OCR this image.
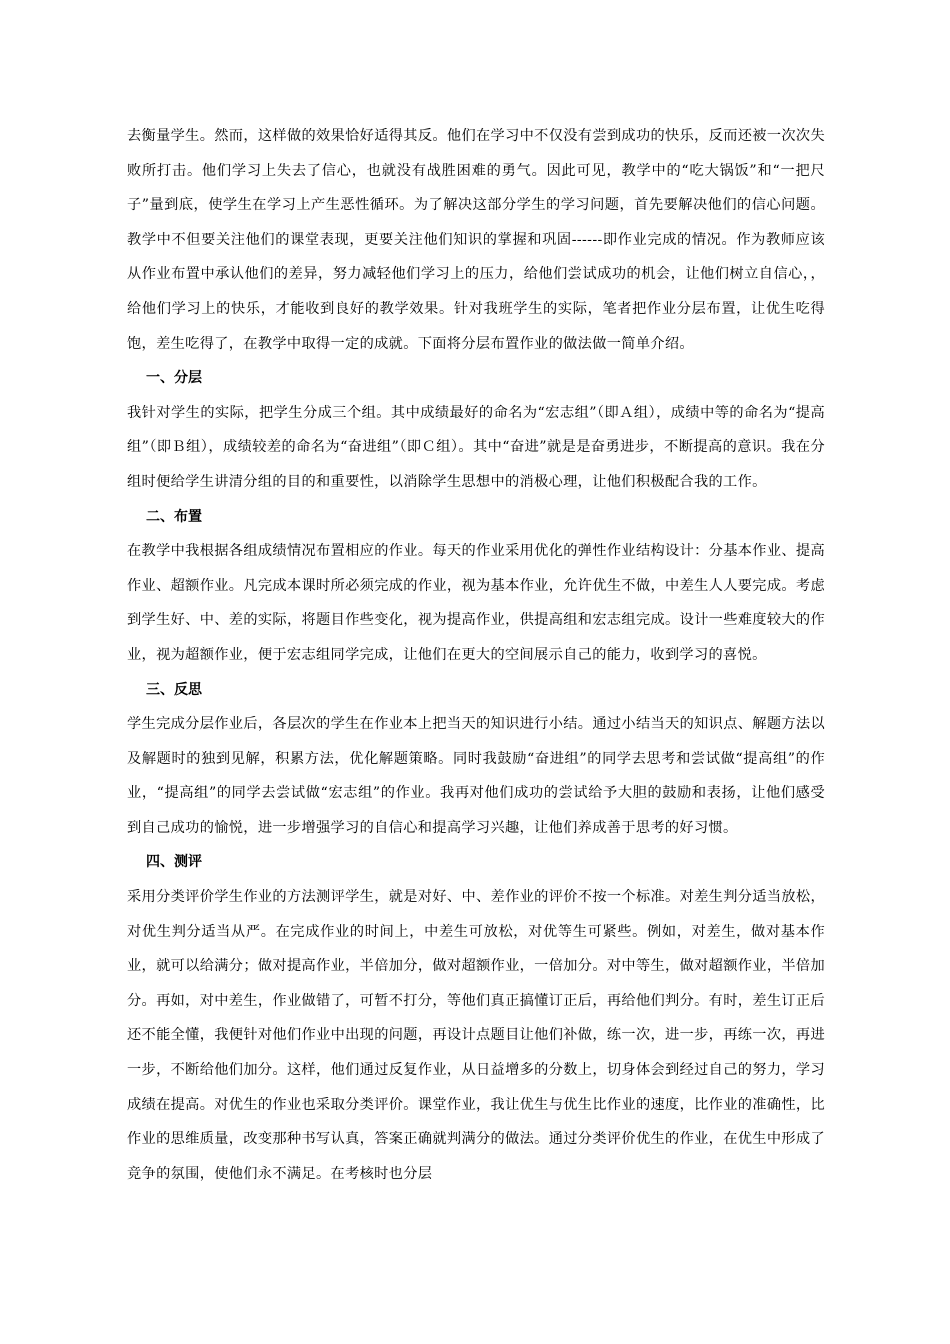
去衡量学生。然而，这样做的效果恰好适得其反。他们在学习中不仅没有尝到成功的快乐，反而还被一次次失败所打击。他们学习上失去了信心，也就没有战胜困难的勇气。因此可见，教学中的“吃大锅饭”和“一把尺子”量到底，使学生在学习上产生恶性循环。为了解决这部分学生的学习问题，首先要解决他们的信心问题。教学中不但要关注他们的课堂表现，更要关注他们知识的掌握和巩固------即作业完成的情况。作为教师应该从作业布置中承认他们的差异，努力减轻他们学习上的压力，给他们尝试成功的机会，让他们树立自信心，，给他们学习上的快乐，才能收到良好的教学效果。针对我班学生的实际，笔者把作业分层布置，让优生吃得饱，差生吃得了，在教学中取得一定的成就。下面将分层布置作业的做法做一简单介绍。

一、分层

我针对学生的实际，把学生分成三个组。其中成绩最好的命名为“宏志组”（即Ａ组），成绩中等的命名为“提高组”（即Ｂ组），成绩较差的命名为“奋进组”（即Ｃ组）。其中“奋进”就是是奋勇进步，不断提高的意识。我在分组时便给学生讲清分组的目的和重要性，以消除学生思想中的消极心理，让他们积极配合我的工作。

二、布置

在教学中我根据各组成绩情况布置相应的作业。每天的作业采用优化的弹性作业结构设计：分基本作业、提高作业、超额作业。凡完成本课时所必须完成的作业，视为基本作业，允许优生不做，中差生人人要完成。考虑到学生好、中、差的实际，将题目作些变化，视为提高作业，供提高组和宏志组完成。设计一些难度较大的作业，视为超额作业，便于宏志组同学完成，让他们在更大的空间展示自己的能力，收到学习的喜悦。

三、反思

学生完成分层作业后，各层次的学生在作业本上把当天的知识进行小结。通过小结当天的知识点、解题方法以及解题时的独到见解，积累方法，优化解题策略。同时我鼓励“奋进组”的同学去思考和尝试做“提高组”的作业，“提高组”的同学去尝试做“宏志组”的作业。我再对他们成功的尝试给予大胆的鼓励和表扬，让他们感受到自己成功的愉悦，进一步增强学习的自信心和提高学习兴趣，让他们养成善于思考的好习惯。

四、测评

采用分类评价学生作业的方法测评学生，就是对好、中、差作业的评价不按一个标准。对差生判分适当放松，对优生判分适当从严。在完成作业的时间上，中差生可放松，对优等生可紧些。例如，对差生，做对基本作业，就可以给满分；做对提高作业，半倍加分，做对超额作业，一倍加分。对中等生，做对超额作业，半倍加分。再如，对中差生，作业做错了，可暂不打分，等他们真正搞懂订正后，再给他们判分。有时，差生订正后还不能全懂，我便针对他们作业中出现的问题，再设计点题目让他们补做，练一次，进一步，再练一次，再进一步，不断给他们加分。这样，他们通过反复作业，从日益增多的分数上，切身体会到经过自己的努力，学习成绩在提高。对优生的作业也采取分类评价。课堂作业，我让优生与优生比作业的速度，比作业的准确性，比作业的思维质量，改变那种书写认真，答案正确就判满分的做法。通过分类评价优生的作业，在优生中形成了竞争的氛围，使他们永不满足。在考核时也分层
